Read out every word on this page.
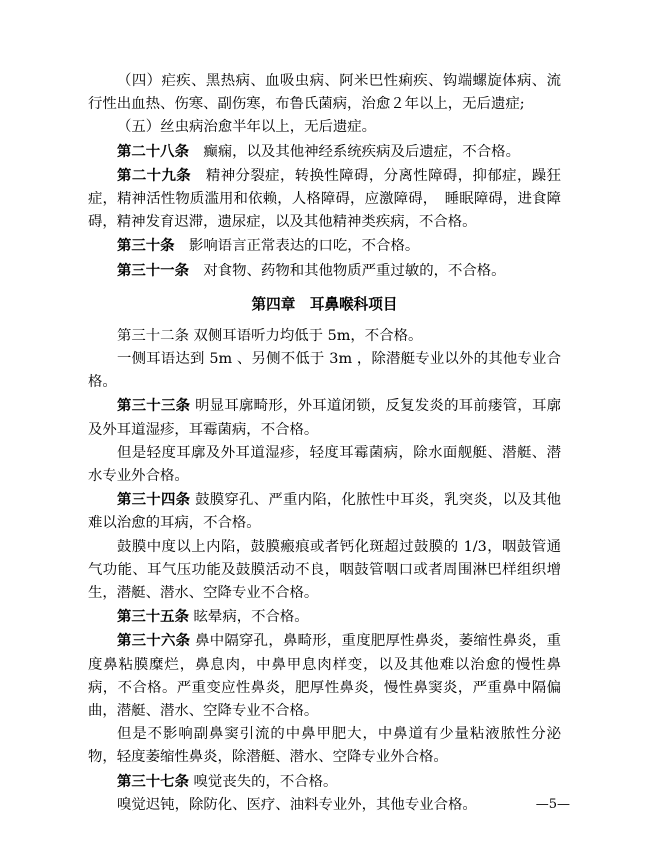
（四）疟疾、黑热病、血吸虫病、阿米巴性痢疾、钩端螺旋体病、流行性出血热、伤寒、副伤寒，布鲁氏菌病，治愈２年以上，无后遗症;

（五）丝虫病治愈半年以上，无后遗症。

第二十八条　癫痫，以及其他神经系统疾病及后遗症，不合格。

第二十九条　精神分裂症，转换性障碍，分离性障碍，抑郁症，躁狂症，精神活性物质滥用和依赖，人格障碍，应激障碍，　睡眠障碍，进食障碍，精神发育迟滞，遗尿症，以及其他精神类疾病，不合格。

第三十条　影响语言正常表达的口吃，不合格。

第三十一条　对食物、药物和其他物质严重过敏的，不合格。

第四章　耳鼻喉科项目

第三十二条 双侧耳语听力均低于 5m，不合格。

一侧耳语达到 5m 、另侧不低于 3m ，除潜艇专业以外的其他专业合格。

第三十三条 明显耳廓畸形，外耳道闭锁，反复发炎的耳前瘘管，耳廓及外耳道湿疹，耳霉菌病，不合格。

但是轻度耳廓及外耳道湿疹，轻度耳霉菌病，除水面舰艇、潜艇、潜水专业外合格。

第三十四条 鼓膜穿孔、严重内陷，化脓性中耳炎，乳突炎，以及其他难以治愈的耳病，不合格。

鼓膜中度以上内陷，鼓膜瘢痕或者钙化斑超过鼓膜的 1/3，咽鼓管通气功能、耳气压功能及鼓膜活动不良，咽鼓管咽口或者周围淋巴样组织增生，潜艇、潜水、空降专业不合格。

第三十五条 眩晕病，不合格。

第三十六条 鼻中隔穿孔，鼻畸形，重度肥厚性鼻炎，萎缩性鼻炎，重度鼻粘膜糜烂，鼻息肉，中鼻甲息肉样变，以及其他难以治愈的慢性鼻病，不合格。严重变应性鼻炎，肥厚性鼻炎，慢性鼻窦炎，严重鼻中隔偏曲，潜艇、潜水、空降专业不合格。

但是不影响副鼻窦引流的中鼻甲肥大，中鼻道有少量粘液脓性分泌物，轻度萎缩性鼻炎，除潜艇、潜水、空降专业外合格。

第三十七条 嗅觉丧失的，不合格。

嗅觉迟钝，除防化、医疗、油料专业外，其他专业合格。	—5—
